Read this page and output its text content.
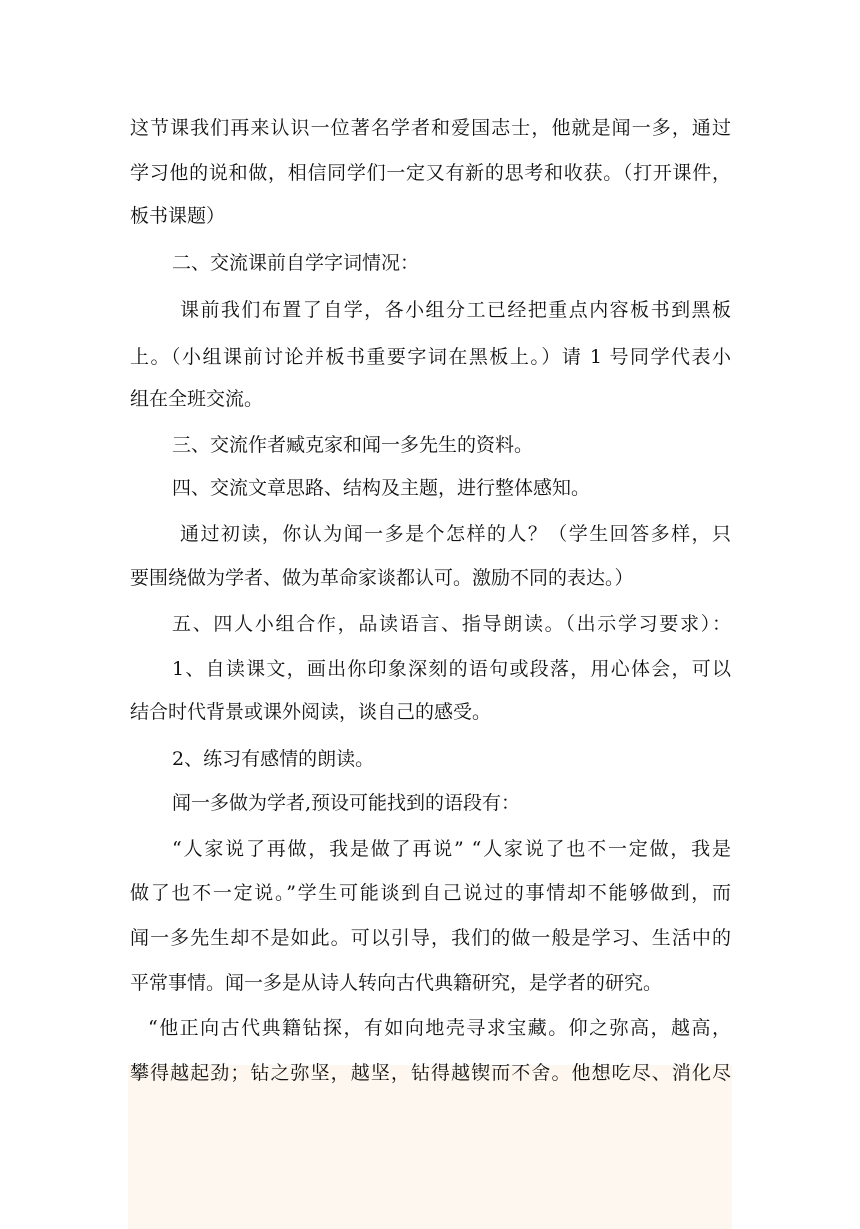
这节课我们再来认识一位著名学者和爱国志士，他就是闻一多，通过

学习他的说和做，相信同学们一定又有新的思考和收获。（打开课件，

板书课题）

二、交流课前自学字词情况：

课前我们布置了自学，各小组分工已经把重点内容板书到黑板

上。（小组课前讨论并板书重要字词在黑板上。）请 1 号同学代表小

组在全班交流。

三、交流作者臧克家和闻一多先生的资料。

四、交流文章思路、结构及主题，进行整体感知。

通过初读，你认为闻一多是个怎样的人？（学生回答多样，只

要围绕做为学者、做为革命家谈都认可。激励不同的表达。）

五、四人小组合作，品读语言、指导朗读。（出示学习要求）：

1、自读课文，画出你印象深刻的语句或段落，用心体会，可以

结合时代背景或课外阅读，谈自己的感受。

2、练习有感情的朗读。

闻一多做为学者,预设可能找到的语段有：

“人家说了再做，我是做了再说” “人家说了也不一定做，我是

做了也不一定说。”学生可能谈到自己说过的事情却不能够做到，而

闻一多先生却不是如此。可以引导，我们的做一般是学习、生活中的

平常事情。闻一多是从诗人转向古代典籍研究，是学者的研究。

“他正向古代典籍钻探，有如向地壳寻求宝藏。仰之弥高，越高，

攀得越起劲；钻之弥坚，越坚，钻得越锲而不舍。他想吃尽、消化尽
